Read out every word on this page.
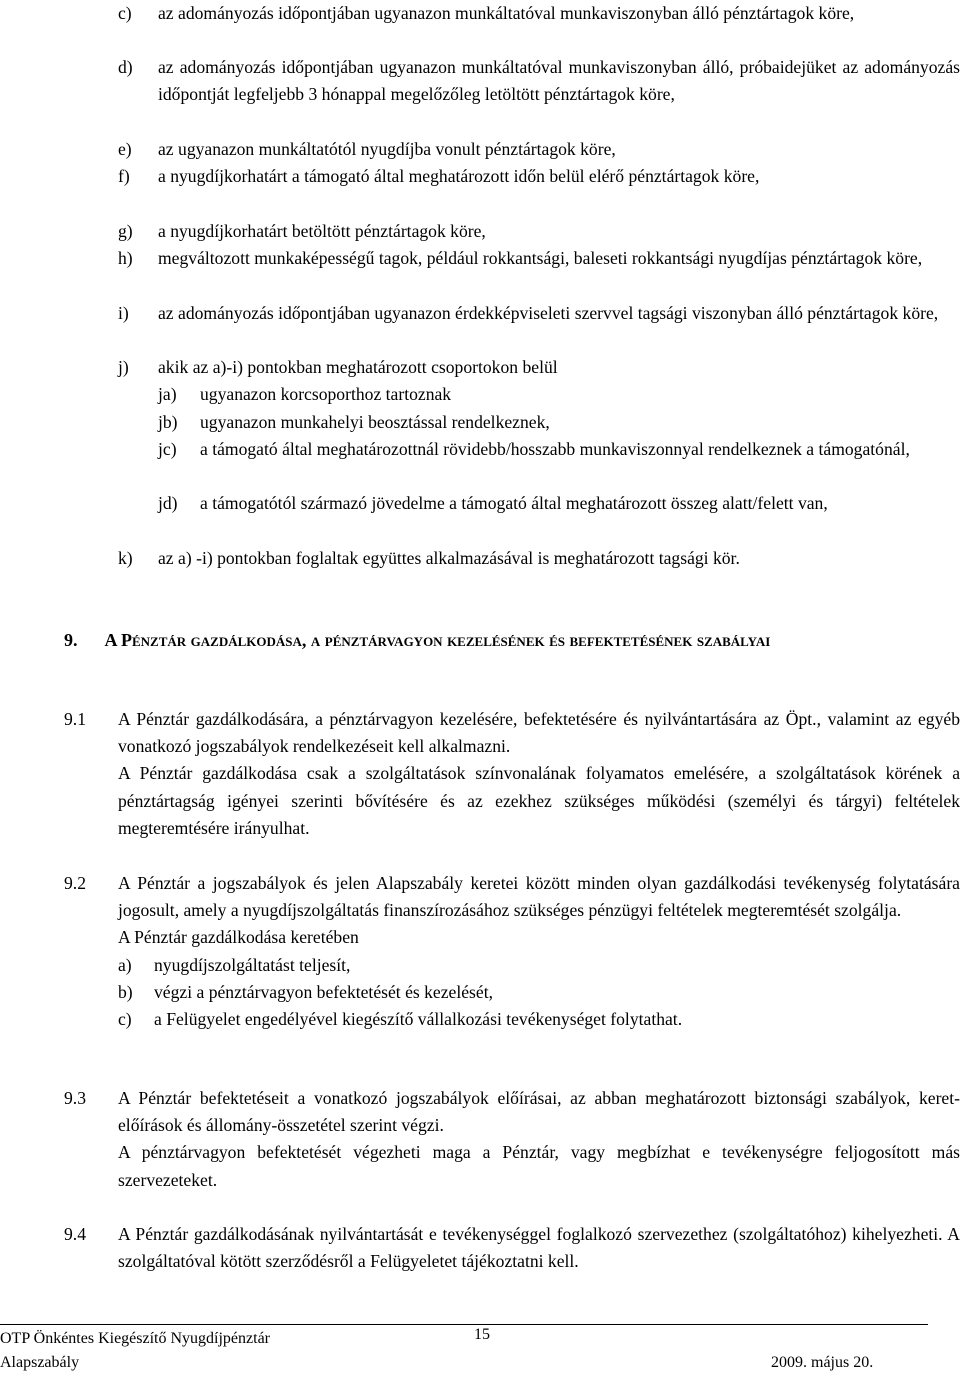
c) az adományozás időpontjában ugyanazon munkáltatóval munkaviszonyban álló pénztártagok köre,
d) az adományozás időpontjában ugyanazon munkáltatóval munkaviszonyban álló, próbaidejüket az adományozás időpontját legfeljebb 3 hónappal megelőzőleg letöltött pénztártagok köre,
e) az ugyanazon munkáltatótól nyugdíjba vonult pénztártagok köre,
f) a nyugdíjkorhatárt a támogató által meghatározott időn belül elérő pénztártagok köre,
g) a nyugdíjkorhatárt betöltött pénztártagok köre,
h) megváltozott munkaképességű tagok, például rokkantsági, baleseti rokkantsági nyugdíjas pénztártagok köre,
i) az adományozás időpontjában ugyanazon érdekképviseleti szervvel tagsági viszonyban álló pénztártagok köre,
j) akik az a)-i) pontokban meghatározott csoportokon belül
ja) ugyanazon korcsoporthoz tartoznak
jb) ugyanazon munkahelyi beosztással rendelkeznek,
jc) a támogató által meghatározottnál rövidebb/hosszabb munkaviszonnyal rendelkeznek a támogatónál,
jd) a támogatótól származó jövedelme a támogató által meghatározott összeg alatt/felett van,
k) az a) -i) pontokban foglaltak együttes alkalmazásával is meghatározott tagsági kör.
9. A Pénztár gazdálkodása, a pénztárvagyon kezelésének és befektetésének szabályai
9.1 A Pénztár gazdálkodására, a pénztárvagyon kezelésére, befektetésére és nyilvántartására az Öpt., valamint az egyéb vonatkozó jogszabályok rendelkezéseit kell alkalmazni.

A Pénztár gazdálkodása csak a szolgáltatások színvonalának folyamatos emelésére, a szolgáltatások körének a pénztártagság igényei szerinti bővítésére és az ezekhez szükséges működési (személyi és tárgyi) feltételek megteremtésére irányulhat.

9.2 A Pénztár a jogszabályok és jelen Alapszabály keretei között minden olyan gazdálkodási tevékenység folytatására jogosult, amely a nyugdíjszolgáltatás finanszírozásához szükséges pénzügyi feltételek megteremtését szolgálja.

A Pénztár gazdálkodása keretében

a)	nyugdíjszolgáltatást teljesít,
b)	végzi a pénztárvagyon befektetését és kezelését,
c)	a Felügyelet engedélyével kiegészítő vállalkozási tevékenységet folytathat.
9.3 A Pénztár befektetéseit a vonatkozó jogszabályok előírásai, az abban meghatározott biztonsági szabályok, keret-előírások és állomány-összetétel szerint végzi.

A pénztárvagyon befektetését végezheti maga a Pénztár, vagy megbízhat e tevékenységre feljogosított más szervezeteket.

9.4 A Pénztár gazdálkodásának nyilvántartását e tevékenységgel foglalkozó szervezethez (szolgáltatóhoz) kihelyezheti. A szolgáltatóval kötött szerződésről a Felügyeletet tájékoztatni kell.

OTP Önkéntes Kiegészítő Nyugdíjpénztár
Alapszabály
15
2009. május 20.
